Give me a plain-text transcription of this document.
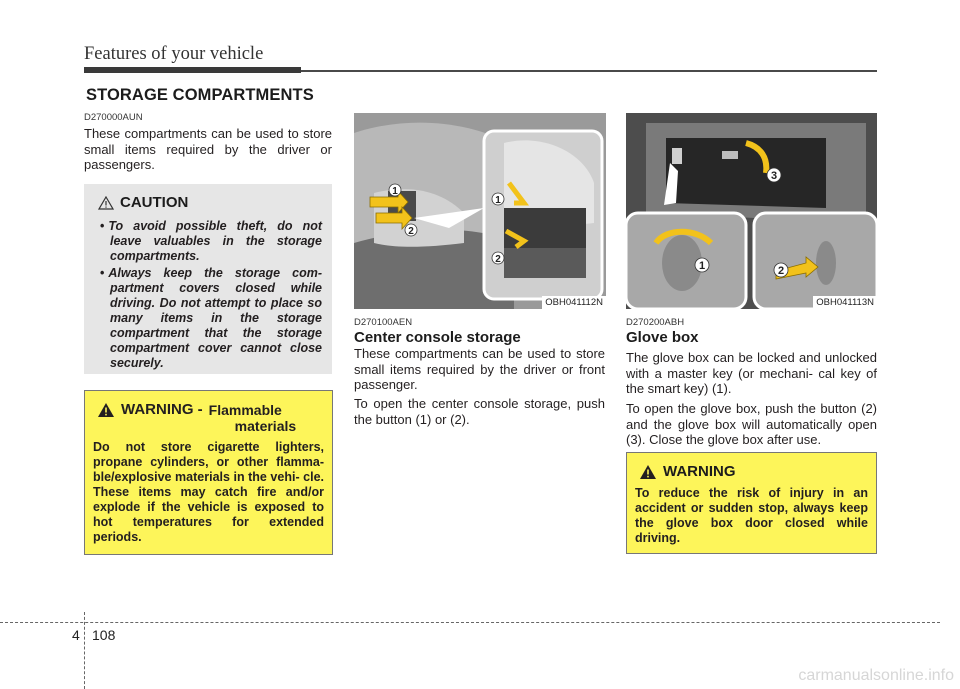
Features of your vehicle
STORAGE COMPARTMENTS
D270000AUN
These compartments can be used to store small items required by the driver or passengers.
CAUTION
• To avoid possible theft, do not leave valuables in the storage compartments.
• Always keep the storage com- partment covers closed while driving. Do not attempt to place so many items in the storage compartment that the storage compartment cover cannot close securely.
WARNING - Flammable
materials
Do not store cigarette lighters, propane cylinders, or other flamma- ble/explosive materials in the vehi- cle. These items may catch fire and/or explode if the vehicle is exposed to hot temperatures for extended periods.
1
2
1
2
OBH041112N
D270100AEN
Center console storage
These compartments can be used to store small items required by the driver or front passenger.
To open the center console storage, push the button (1) or (2).
3
1	2
OBH041113N
D270200ABH
Glove box
The glove box can be locked and unlocked with a master key (or mechani- cal key of the smart key) (1).
To open the glove box, push the button (2) and the glove box will automatically open (3). Close the glove box after use.
WARNING
To reduce the risk of injury in an accident or sudden stop, always keep the glove box door closed while driving.
4 108
carmanualsonline.info
